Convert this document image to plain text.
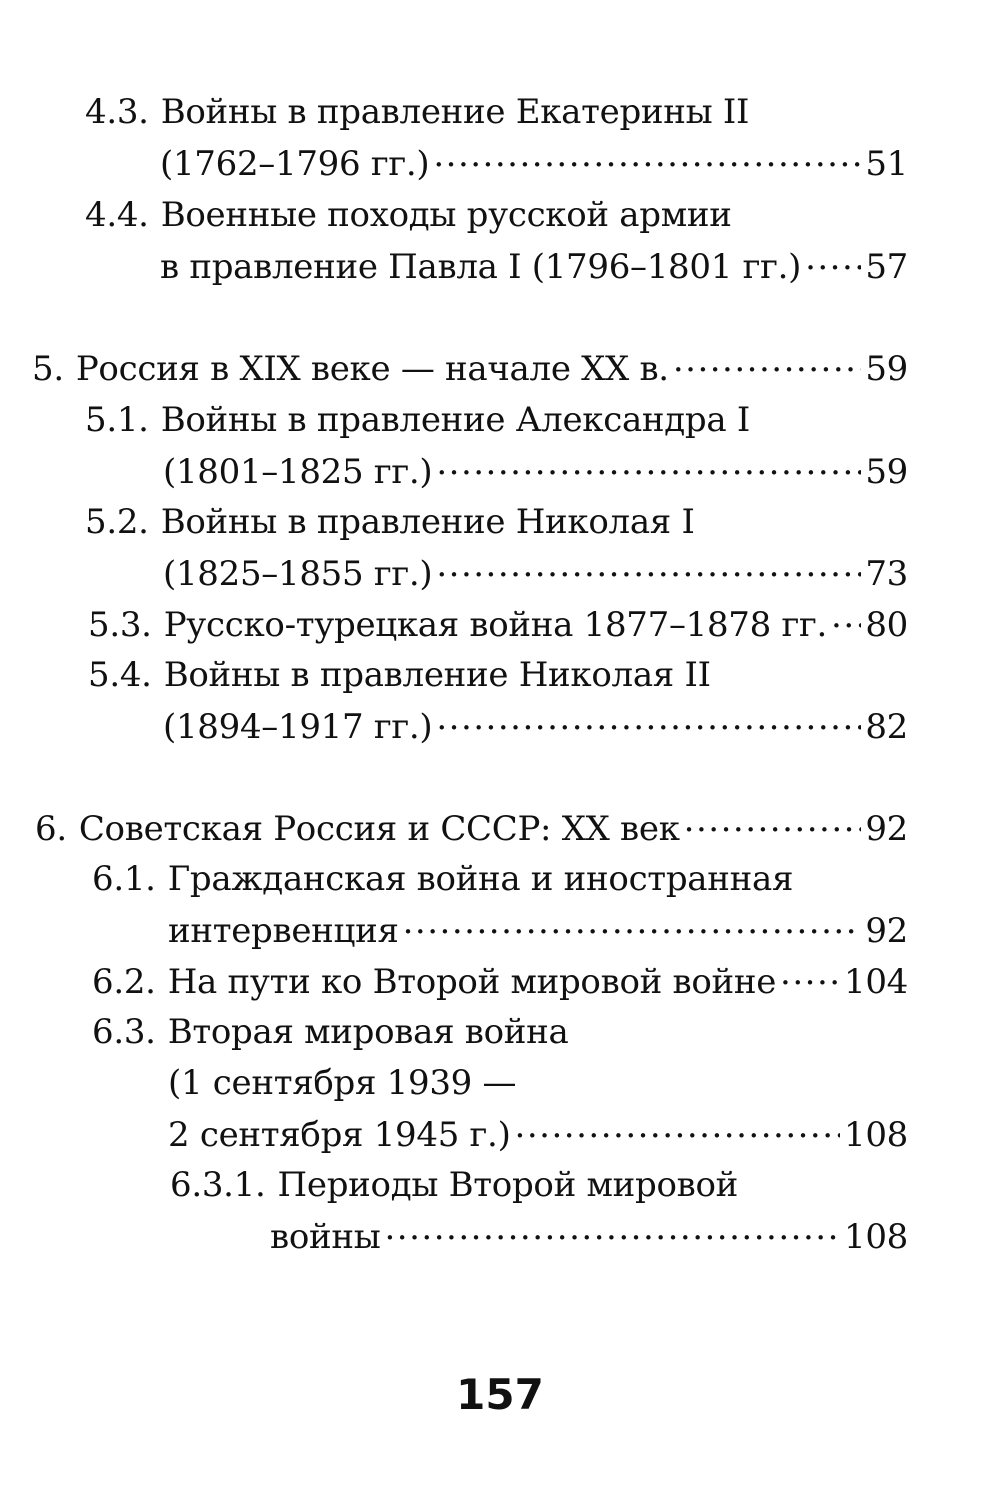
4.3. Войны в правление Екатерины II
(1762–1796 гг.) .....	51
4.4. Военные походы русской армии
в правление Павла I (1796–1801 гг.) ..... 57
5. Россия в XIX веке — начале XX в. .....	59
5.1. Войны в правление Александра I
(1801–1825 гг.) .....	59
5.2. Войны в правление Николая I
(1825–1855 гг.) .....	73
5.3. Русско-турецкая война 1877–1878 гг. ..... 80
5.4. Войны в правление Николая II
(1894–1917 гг.) .....	82
6. Советская Россия и СССР: XX век .....	92
6.1. Гражданская война и иностранная
интервенция .....	92
6.2. На пути ко Второй мировой войне ..... 104
6.3. Вторая мировая война
(1 сентября 1939 —
2 сентября 1945 г.) .....	108
6.3.1. Периоды Второй мировой
войны .....	108
157
